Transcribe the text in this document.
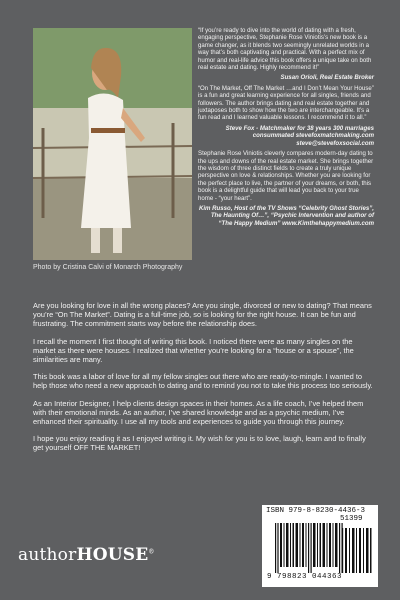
Photo by Cristina Calvi of Monarch Photography

“If you’re ready to dive into the world of dating with a fresh, engaging perspective, Stephanie Rose Viniotis’s new book is a game changer, as it blends two seemingly unrelated worlds in a way that’s both captivating and practical. With a perfect mix of humor and real-life advice this book offers a unique take on both real estate and dating. Highly recommend it!”

Susan Orioli, Real Estate Broker

“On The Market, Off The Market …and I Don’t Mean Your House” is a fun and great learning experience for all singles, friends and followers. The author brings dating and real estate together and juxtaposes both to show how the two are interchangeable. It’s a fun read and I learned valuable lessons. I recommend it to all.”

Steve Fox - Matchmaker for 38 years 300 marriages consummated stevefoxmatchmaking.com steve@stevefoxsocial.com

Stephanie Rose Viniotis cleverly compares modern-day dating to the ups and downs of the real estate market. She brings together the wisdom of three distinct fields to create a truly unique perspective on love & relationships. Whether you are looking for the perfect place to live, the partner of your dreams, or both, this book is a delightful guide that will lead you back to your true home - “your heart”.

Kim Russo, Host of the TV Shows “Celebrity Ghost Stories”, The Haunting Of…”, “Psychic Intervention and author of “The Happy Medium” www.Kimthehappymedium.com

Are you looking for love in all the wrong places? Are you single, divorced or new to dating? That means you’re “On The Market”. Dating is a full-time job, so is looking for the right house. It can be fun and frustrating. The commitment starts way before the relationship does.

I recall the moment I first thought of writing this book. I noticed there were as many singles on the market as there were houses. I realized that whether you’re looking for a “house or a spouse”, the similarities are many.

This book was a labor of love for all my fellow singles out there who are ready-to-mingle. I wanted to help those who need a new approach to dating and to remind you not to take this process too seriously.

As an Interior Designer, I help clients design spaces in their homes. As a life coach, I’ve helped them with their emotional minds. As an author, I’ve shared knowledge and as a psychic medium, I’ve enhanced their spirituality. I use all my tools and experiences to guide you through this journey.

I hope you enjoy reading it as I enjoyed writing it. My wish for you is to love, laugh, learn and to finally get yourself OFF THE MARKET!

authorHOUSE®
ISBN 979-8-8230-4436-3
51399
9 798823 044363
